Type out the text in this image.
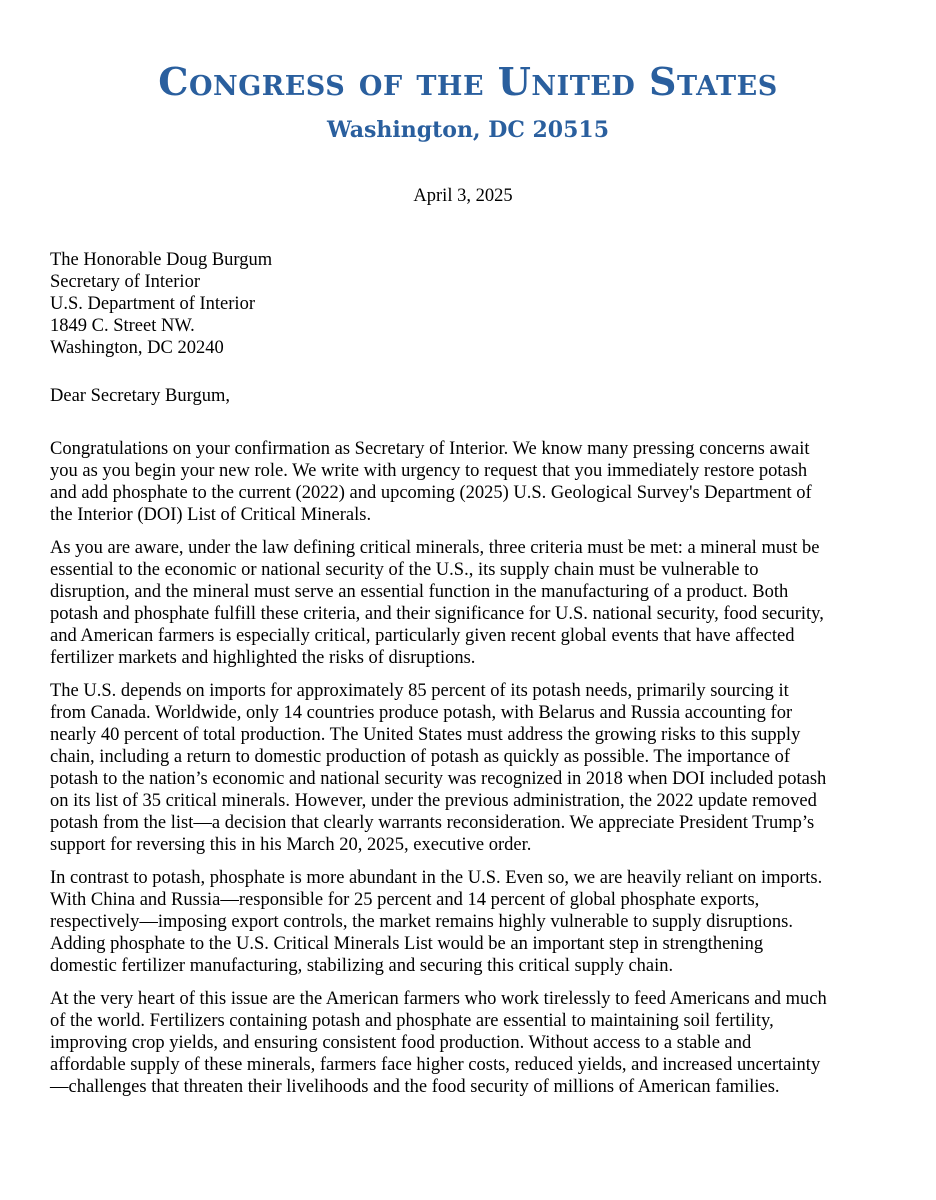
Congress of the United States
Washington, DC 20515
April 3, 2025
The Honorable Doug Burgum
Secretary of Interior
U.S. Department of Interior
1849 C. Street NW.
Washington, DC 20240
Dear Secretary Burgum,
Congratulations on your confirmation as Secretary of Interior. We know many pressing concerns await
you as you begin your new role. We write with urgency to request that you immediately restore potash
and add phosphate to the current (2022) and upcoming (2025) U.S. Geological Survey's Department of
the Interior (DOI) List of Critical Minerals.
As you are aware, under the law defining critical minerals, three criteria must be met: a mineral must be
essential to the economic or national security of the U.S., its supply chain must be vulnerable to
disruption, and the mineral must serve an essential function in the manufacturing of a product. Both
potash and phosphate fulfill these criteria, and their significance for U.S. national security, food security,
and American farmers is especially critical, particularly given recent global events that have affected
fertilizer markets and highlighted the risks of disruptions.
The U.S. depends on imports for approximately 85 percent of its potash needs, primarily sourcing it
from Canada. Worldwide, only 14 countries produce potash, with Belarus and Russia accounting for
nearly 40 percent of total production. The United States must address the growing risks to this supply
chain, including a return to domestic production of potash as quickly as possible. The importance of
potash to the nation’s economic and national security was recognized in 2018 when DOI included potash
on its list of 35 critical minerals. However, under the previous administration, the 2022 update removed
potash from the list—a decision that clearly warrants reconsideration. We appreciate President Trump’s
support for reversing this in his March 20, 2025, executive order.
In contrast to potash, phosphate is more abundant in the U.S. Even so, we are heavily reliant on imports.
With China and Russia—responsible for 25 percent and 14 percent of global phosphate exports,
respectively—imposing export controls, the market remains highly vulnerable to supply disruptions.
Adding phosphate to the U.S. Critical Minerals List would be an important step in strengthening
domestic fertilizer manufacturing, stabilizing and securing this critical supply chain.
At the very heart of this issue are the American farmers who work tirelessly to feed Americans and much
of the world. Fertilizers containing potash and phosphate are essential to maintaining soil fertility,
improving crop yields, and ensuring consistent food production. Without access to a stable and
affordable supply of these minerals, farmers face higher costs, reduced yields, and increased uncertainty
—challenges that threaten their livelihoods and the food security of millions of American families.
